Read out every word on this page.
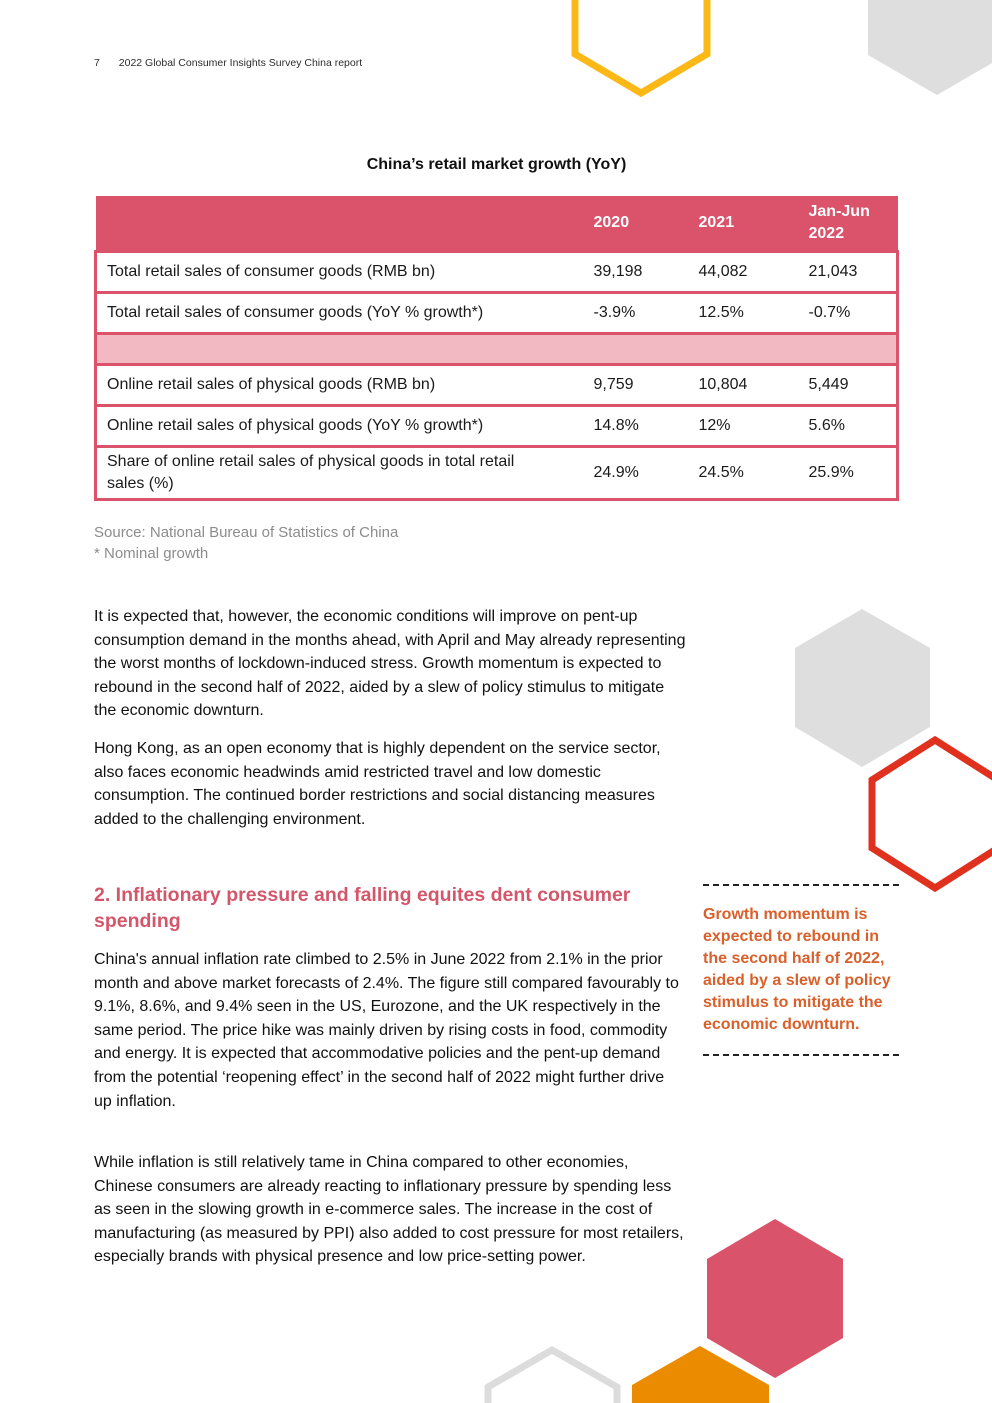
7 2022 Global Consumer Insights Survey China report
China’s retail market growth (YoY)
	2020	2021	Jan-Jun 2022

Total retail sales of consumer goods (RMB bn)	39,198	44,082	21,043
Total retail sales of consumer goods (YoY % growth*)	-3.9%	12.5%	-0.7%

Online retail sales of physical goods (RMB bn)	9,759	10,804	5,449
Online retail sales of physical goods (YoY % growth*)	14.8%	12%	5.6%

Share of online retail sales of physical goods in total retail sales (%)	24.9%	24.5%	25.9%
Source: National Bureau of Statistics of China
* Nominal growth

It is expected that, however, the economic conditions will improve on pent-up consumption demand in the months ahead, with April and May already representing the worst months of lockdown-induced stress. Growth momentum is expected to rebound in the second half of 2022, aided by a slew of policy stimulus to mitigate the economic downturn.

Hong Kong, as an open economy that is highly dependent on the service sector, also faces economic headwinds amid restricted travel and low domestic consumption. The continued border restrictions and social distancing measures added to the challenging environment.

2. Inflationary pressure and falling equites dent consumer spending

China's annual inflation rate climbed to 2.5% in June 2022 from 2.1% in the prior month and above market forecasts of 2.4%. The figure still compared favourably to 9.1%, 8.6%, and 9.4% seen in the US, Eurozone, and the UK respectively in the same period. The price hike was mainly driven by rising costs in food, commodity and energy. It is expected that accommodative policies and the pent-up demand from the potential ‘reopening effect’ in the second half of 2022 might further drive up inflation.

While inflation is still relatively tame in China compared to other economies, Chinese consumers are already reacting to inflationary pressure by spending less as seen in the slowing growth in e-commerce sales. The increase in the cost of manufacturing (as measured by PPI) also added to cost pressure for most retailers, especially brands with physical presence and low price-setting power.

Growth momentum is expected to rebound in the second half of 2022, aided by a slew of policy stimulus to mitigate the economic downturn.
